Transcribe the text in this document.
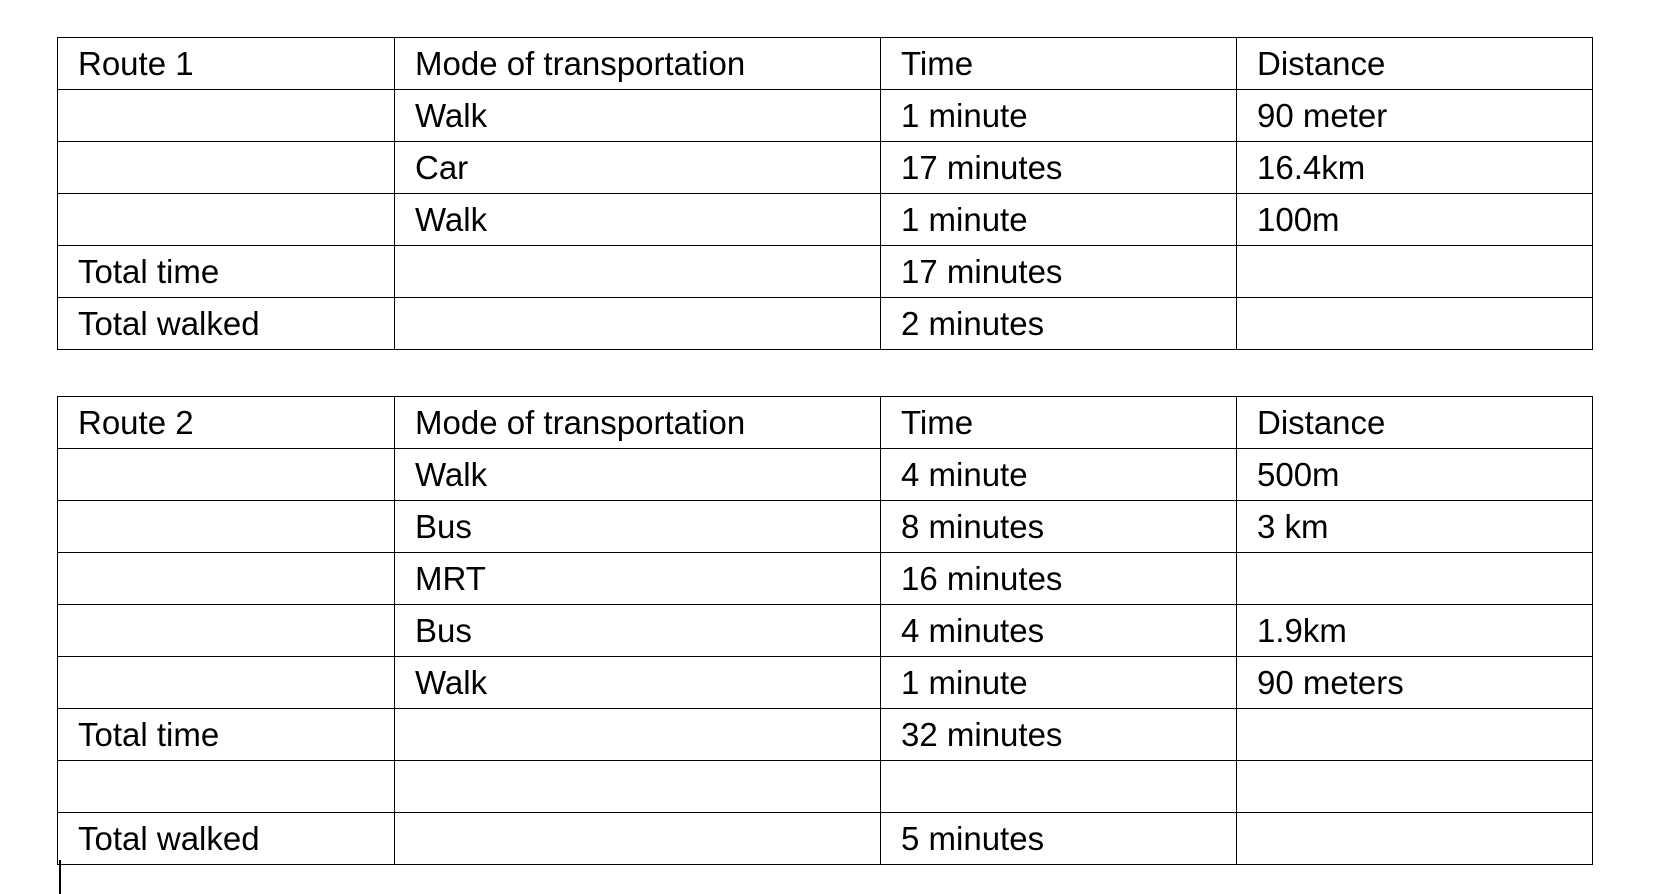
Route 1	Mode of transportation	Time	Distance
	Walk	1 minute	90 meter
	Car	17 minutes	16.4km
	Walk	1 minute	100m
Total time		17 minutes	
Total walked		2 minutes	
Route 2	Mode of transportation	Time	Distance
	Walk	4 minute	500m
	Bus	8 minutes	3 km
	MRT	16 minutes	
	Bus	4 minutes	1.9km
	Walk	1 minute	90 meters
Total time		32 minutes	

Total walked		5 minutes	
